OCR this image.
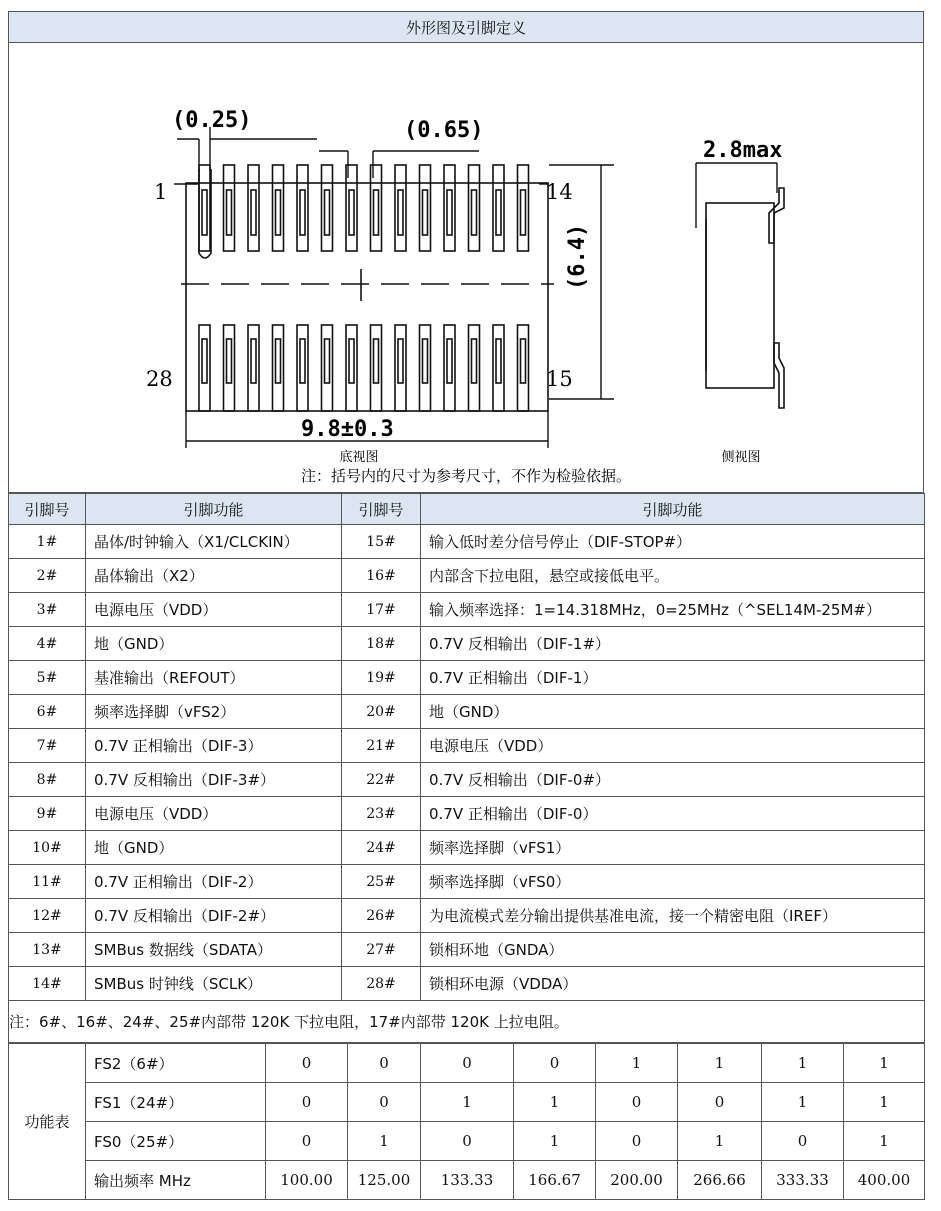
外形图及引脚定义

(0.25)	(0.65)
(6.4)
9.8±0.3
2.8max
1	14
28	15
底视图	侧视图
注：括号内的尺寸为参考尺寸，不作为检验依据。
引脚号	引脚功能	引脚号	引脚功能
1#	晶体/时钟输入（X1/CLCKIN）	15#	输入低时差分信号停止（DIF-STOP#）
2#	晶体输出（X2）	16#	内部含下拉电阻，悬空或接低电平。
3#	电源电压（VDD）	17#	输入频率选择：1=14.318MHz，0=25MHz（^SEL14M-25M#）
4#	地（GND）	18#	0.7V 反相输出（DIF-1#）
5#	基准输出（REFOUT）	19#	0.7V 正相输出（DIF-1）
6#	频率选择脚（vFS2）	20#	地（GND）
7#	0.7V 正相输出（DIF-3）	21#	电源电压（VDD）
8#	0.7V 反相输出（DIF-3#）	22#	0.7V 反相输出（DIF-0#）
9#	电源电压（VDD）	23#	0.7V 正相输出（DIF-0）
10#	地（GND）	24#	频率选择脚（vFS1）
11#	0.7V 正相输出（DIF-2）	25#	频率选择脚（vFS0）
12#	0.7V 反相输出（DIF-2#）	26#	为电流模式差分输出提供基准电流，接一个精密电阻（IREF）
13#	SMBus 数据线（SDATA）	27#	锁相环地（GNDA）
14#	SMBus 时钟线（SCLK）	28#	锁相环电源（VDDA）
注：6#、16#、24#、25#内部带 120K 下拉电阻，17#内部带 120K 上拉电阻。			
功能表	FS2（6#）	0	0	0	0	1	1	1	1
	FS1（24#）	0	0	1	1	0	0	1	1
	FS0（25#）	0	1	0	1	0	1	0	1
	输出频率 MHz	100.00	125.00	133.33	166.67	200.00	266.66	333.33	400.00
